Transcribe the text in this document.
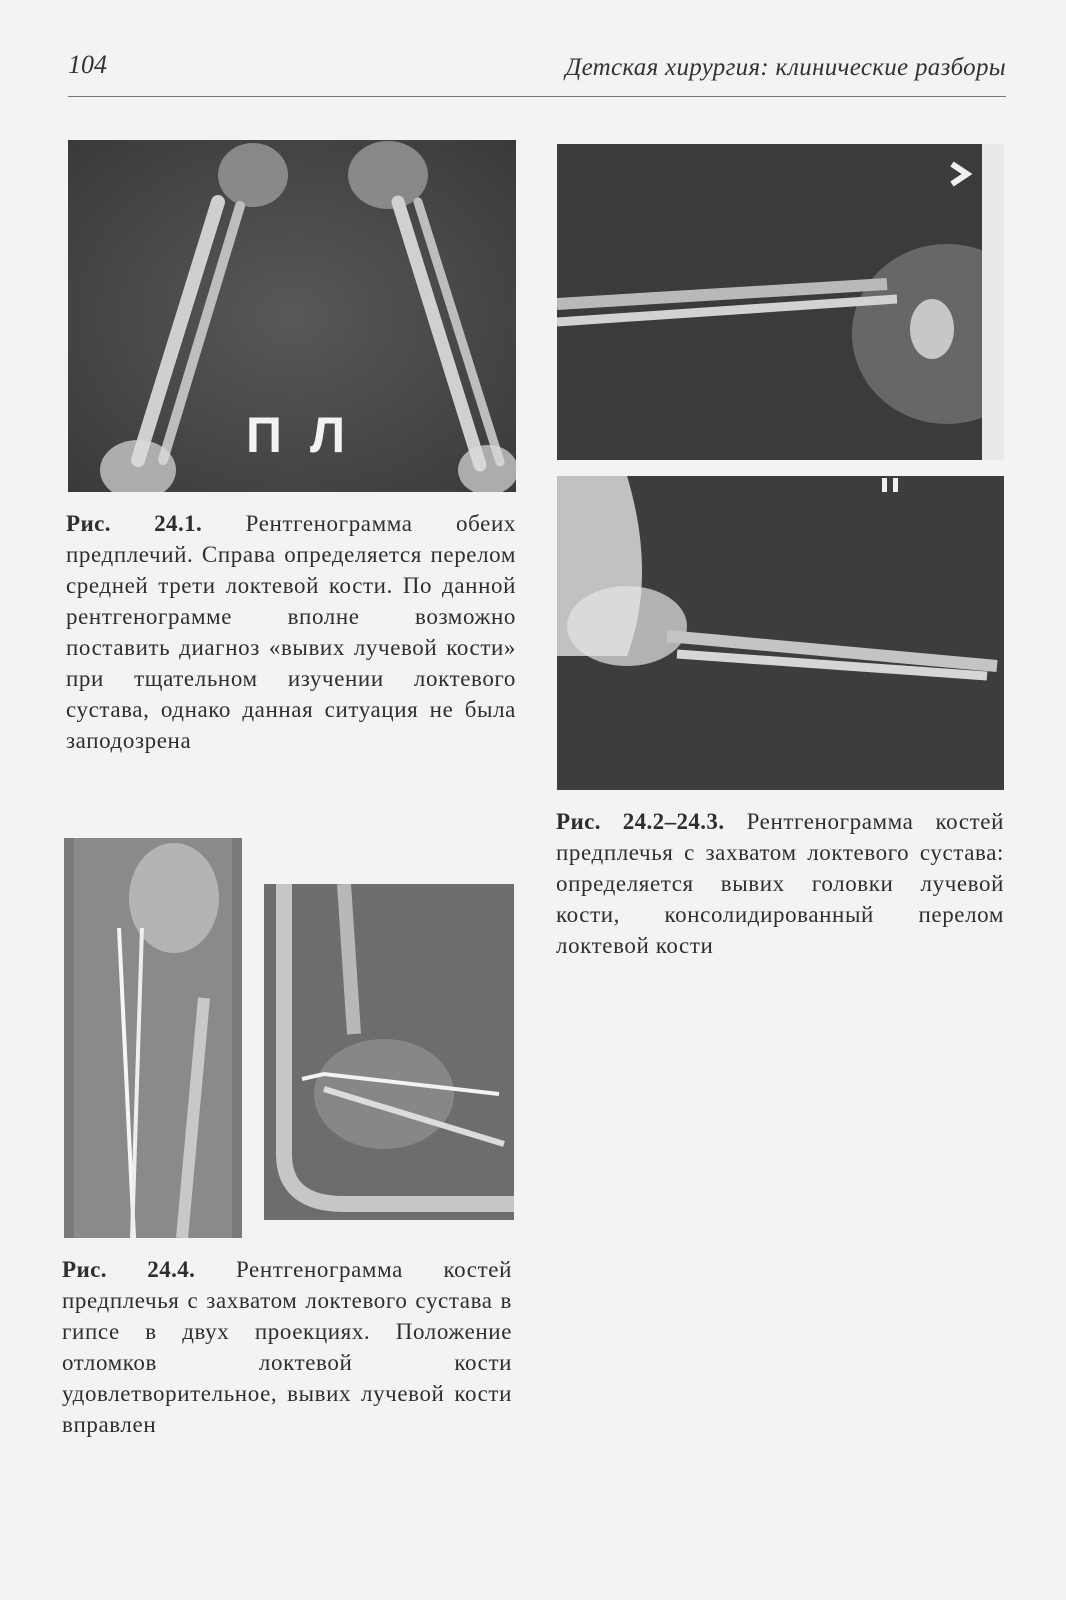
104	Детская хирургия: клинические разборы
П Л
Рис. 24.1. Рентгенограмма обеих предплечий. Справа определяется перелом средней трети локтевой кости. По данной рентгенограмме вполне возможно поставить диагноз «вывих лучевой кости» при тщательном изучении локтевого сустава, однако данная ситуация не была заподозрена
Рис. 24.2–24.3. Рентгенограмма костей предплечья с захватом локтевого сустава: определяется вывих головки лучевой кости, консолидированный перелом локтевой кости
Рис. 24.4. Рентгенограмма костей предплечья с захватом локтевого сустава в гипсе в двух проекциях. Положение отломков локтевой кости удовлетворительное, вывих лучевой кости вправлен
